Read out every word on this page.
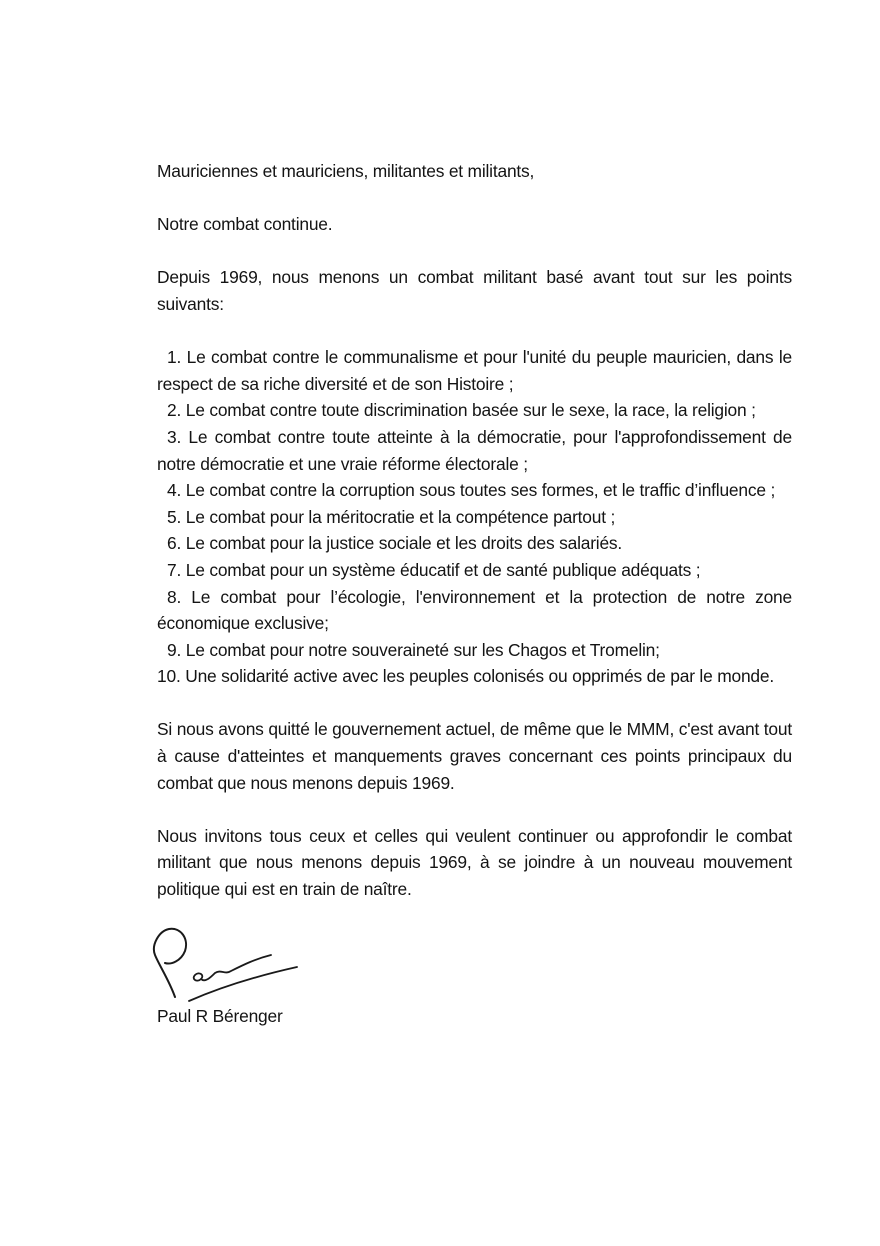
Mauriciennes et mauriciens, militantes et militants,

Notre combat continue.

Depuis 1969, nous menons un combat militant basé avant tout sur les points suivants:

1. Le combat contre le communalisme et pour l'unité du peuple mauricien, dans le respect de sa riche diversité et de son Histoire ;
2. Le combat contre toute discrimination basée sur le sexe, la race, la religion ;
3. Le combat contre toute atteinte à la démocratie, pour l'approfondissement de notre démocratie et une vraie réforme électorale ;
4. Le combat contre la corruption sous toutes ses formes, et le traffic d’influence ;
5. Le combat pour la méritocratie et la compétence partout ;
6. Le combat pour la justice sociale et les droits des salariés.
7. Le combat pour un système éducatif et de santé publique adéquats ;
8. Le combat pour l’écologie, l'environnement et la protection de notre zone économique exclusive;
9. Le combat pour notre souveraineté sur les Chagos et Tromelin;
10. Une solidarité active avec les peuples colonisés ou opprimés de par le monde.

Si nous avons quitté le gouvernement actuel, de même que le MMM, c'est avant tout à cause d'atteintes et manquements graves concernant ces points principaux du combat que nous menons depuis 1969.

Nous invitons tous ceux et celles qui veulent continuer ou approfondir le combat militant que nous menons depuis 1969, à se joindre à un nouveau mouvement politique qui est en train de naître.

Paul R Bérenger
